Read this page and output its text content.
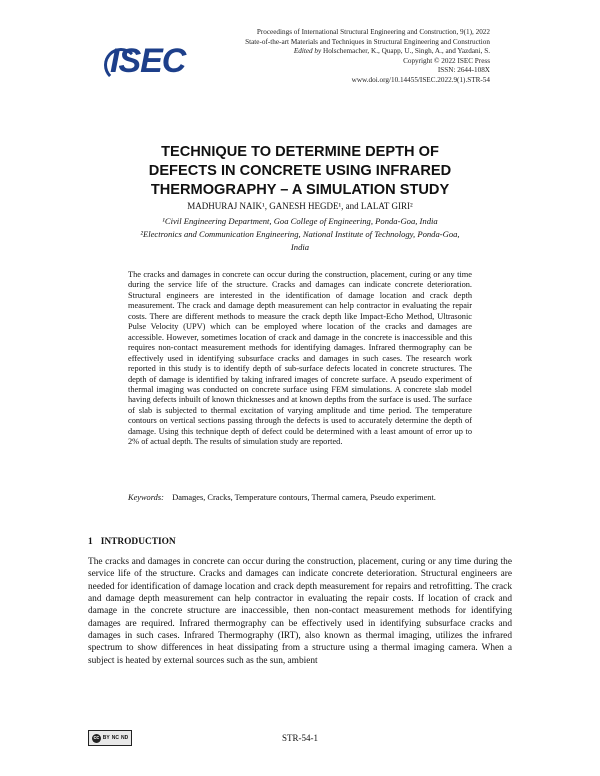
ISEC
Proceedings of International Structural Engineering and Construction, 9(1), 2022
State-of-the-art Materials and Techniques in Structural Engineering and Construction
Edited by Holschemacher, K., Quapp, U., Singh, A., and Yazdani, S.
Copyright © 2022 ISEC Press
ISSN: 2644-108X
www.doi.org/10.14455/ISEC.2022.9(1).STR-54
TECHNIQUE TO DETERMINE DEPTH OF
DEFECTS IN CONCRETE USING INFRARED
THERMOGRAPHY – A SIMULATION STUDY
MADHURAJ NAIK¹, GANESH HEGDE¹, and LALAT GIRI²
¹Civil Engineering Department, Goa College of Engineering, Ponda-Goa, India
²Electronics and Communication Engineering, National Institute of Technology, Ponda-Goa,
India
The cracks and damages in concrete can occur during the construction, placement, curing or any time during the service life of the structure. Cracks and damages can indicate concrete deterioration. Structural engineers are interested in the identification of damage location and crack depth measurement. The crack and damage depth measurement can help contractor in evaluating the repair costs. There are different methods to measure the crack depth like Impact-Echo Method, Ultrasonic Pulse Velocity (UPV) which can be employed where location of the cracks and damages are accessible. However, sometimes location of crack and damage in the concrete is inaccessible and this requires non-contact measurement methods for identifying damages. Infrared thermography can be effectively used in identifying subsurface cracks and damages in such cases. The research work reported in this study is to identify depth of sub-surface defects located in concrete structures. The depth of damage is identified by taking infrared images of concrete surface. A pseudo experiment of thermal imaging was conducted on concrete surface using FEM simulations. A concrete slab model having defects inbuilt of known thicknesses and at known depths from the surface is used. The surface of slab is subjected to thermal excitation of varying amplitude and time period. The temperature contours on vertical sections passing through the defects is used to accurately determine the depth of damage. Using this technique depth of defect could be determined with a least amount of error up to 2% of actual depth. The results of simulation study are reported.
Keywords: Damages, Cracks, Temperature contours, Thermal camera, Pseudo experiment.
1 INTRODUCTION
The cracks and damages in concrete can occur during the construction, placement, curing or any time during the service life of the structure. Cracks and damages can indicate concrete deterioration. Structural engineers are needed for identification of damage location and crack depth measurement for repairs and retrofitting. The crack and damage depth measurement can help contractor in evaluating the repair costs. If location of crack and damage in the concrete structure are inaccessible, then non-contact measurement methods for identifying damages are required. Infrared thermography can be effectively used in identifying subsurface cracks and damages in such cases. Infrared Thermography (IRT), also known as thermal imaging, utilizes the infrared spectrum to show differences in heat dissipating from a structure using a thermal imaging camera. When a subject is heated by external sources such as the sun, ambient
cc BY NC ND	STR-54-1
